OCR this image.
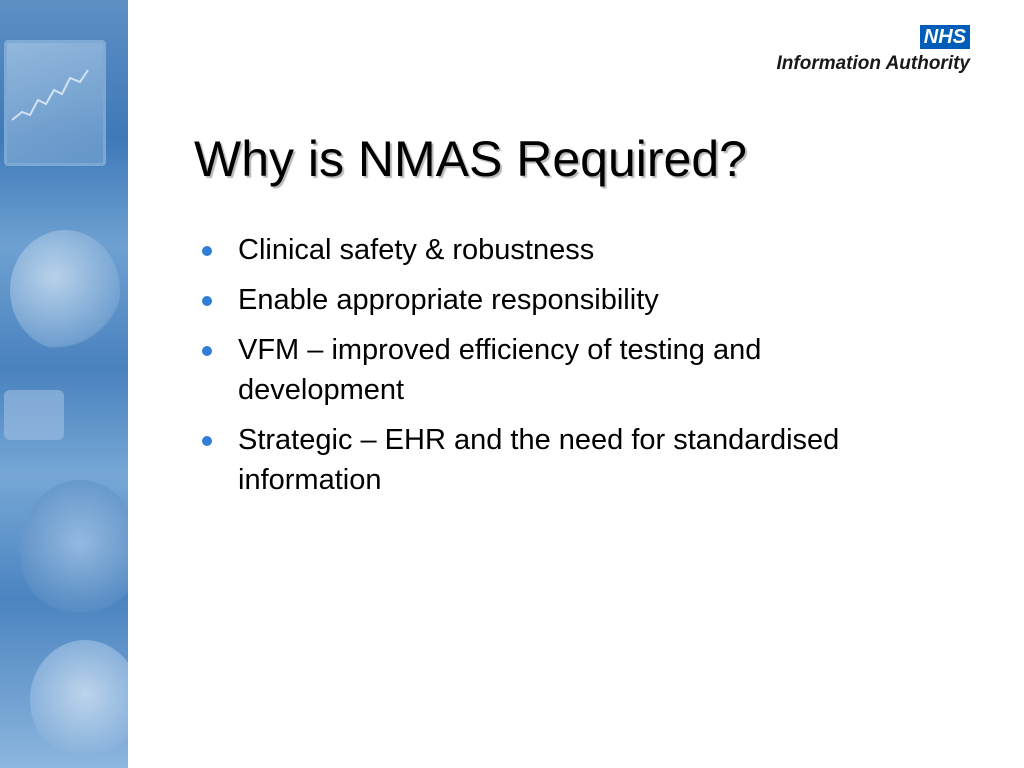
NHS
Information Authority
Why is NMAS Required?
Clinical safety & robustness
Enable appropriate responsibility
VFM – improved efficiency of testing and development
Strategic – EHR and the need for standardised information
